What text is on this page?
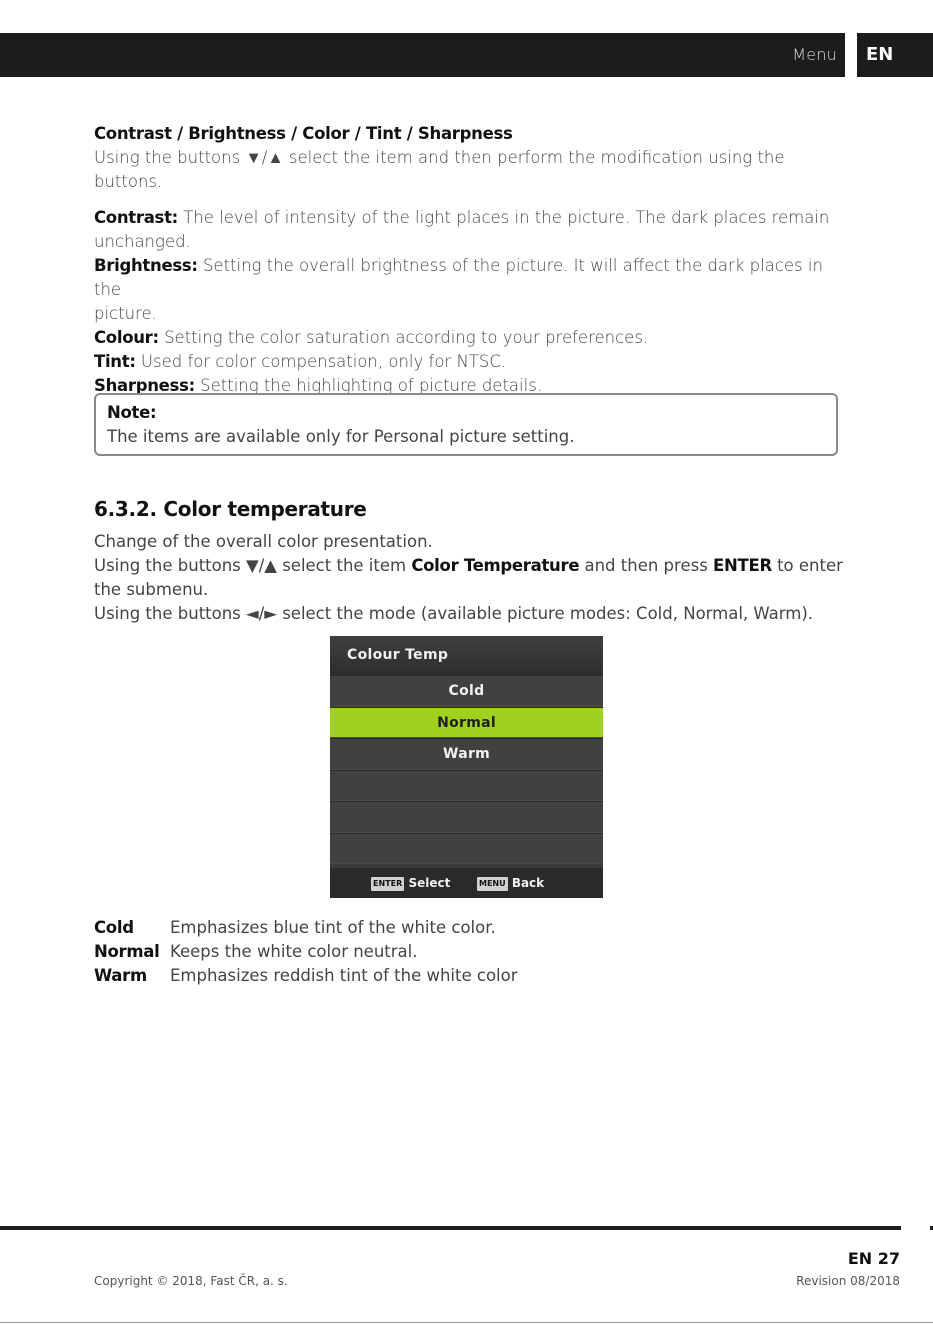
Menu	EN
Contrast / Brightness / Color / Tint / Sharpness
Using the buttons ▼/▲ select the item and then perform the modification using the
buttons.
Contrast: The level of intensity of the light places in the picture. The dark places remain
unchanged.
Brightness: Setting the overall brightness of the picture. It will affect the dark places in the
picture.
Colour: Setting the color saturation according to your preferences.
Tint: Used for color compensation, only for NTSC.
Sharpness: Setting the highlighting of picture details.
Note:
The items are available only for Personal picture setting.
6.3.2. Color temperature
Change of the overall color presentation.
Using the buttons ▼/▲ select the item Color Temperature and then press ENTER to enter
the submenu.
Using the buttons ◄/► select the mode (available picture modes: Cold, Normal, Warm).
Colour Temp
Cold
Normal
Warm
ENTER Select	MENU Back
Cold	Emphasizes blue tint of the white color.
Normal Keeps the white color neutral.
Warm	Emphasizes reddish tint of the white color
EN 27
Copyright © 2018, Fast ČR, a. s.	Revision 08/2018
